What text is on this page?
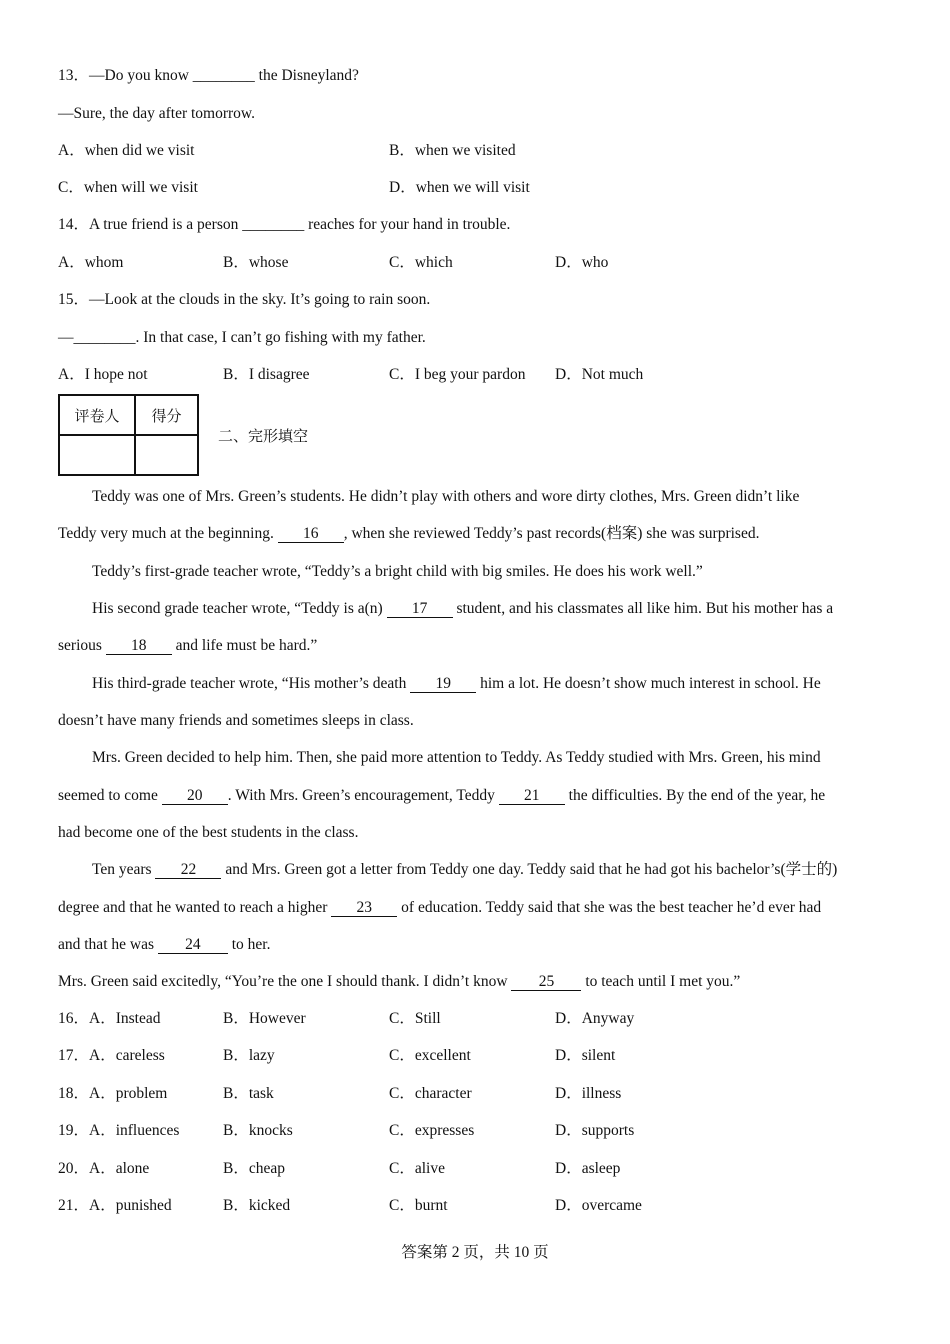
13．—Do you know ________ the Disneyland?
—Sure, the day after tomorrow.
A．when did we visit	B．when we visited
C．when will we visit	D．when we will visit
14．A true friend is a person ________ reaches for your hand in trouble.
A．whom	B．whose	C．which	D．who
15．—Look at the clouds in the sky. It’s going to rain soon.
—________. In that case, I can’t go fishing with my father.
A．I hope not	B．I disagree	C．I beg your pardon D．Not much
评卷人	得分

二、完形填空
Teddy was one of Mrs. Green’s students. He didn’t play with others and wore dirty clothes, Mrs. Green didn’t like
Teddy very much at the beginning. 16 , when she reviewed Teddy’s past records(档案) she was surprised.
Teddy’s first-grade teacher wrote, “Teddy’s a bright child with big smiles. He does his work well.”
His second grade teacher wrote, “Teddy is a(n) 17 student, and his classmates all like him. But his mother has a
serious 18 and life must be hard.”
His third-grade teacher wrote, “His mother’s death 19 him a lot. He doesn’t show much interest in school. He
doesn’t have many friends and sometimes sleeps in class.
Mrs. Green decided to help him. Then, she paid more attention to Teddy. As Teddy studied with Mrs. Green, his mind
seemed to come 20 . With Mrs. Green’s encouragement, Teddy 21 the difficulties. By the end of the year, he
had become one of the best students in the class.
Ten years 22 and Mrs. Green got a letter from Teddy one day. Teddy said that he had got his bachelor’s(学士的)
degree and that he wanted to reach a higher 23 of education. Teddy said that she was the best teacher he’d ever had
and that he was 24 to her.
Mrs. Green said excitedly, “You’re the one I should thank. I didn’t know 25 to teach until I met you.”
16．A．Instead	B．However	C．Still	D．Anyway
17．A．careless	B．lazy	C．excellent	D．silent
18．A．problem	B．task	C．character	D．illness
19．A．influences	B．knocks	C．expresses	D．supports
20．A．alone	B．cheap	C．alive	D．asleep
21．A．punished	B．kicked	C．burnt	D．overcame
答案第 2 页，共 10 页
